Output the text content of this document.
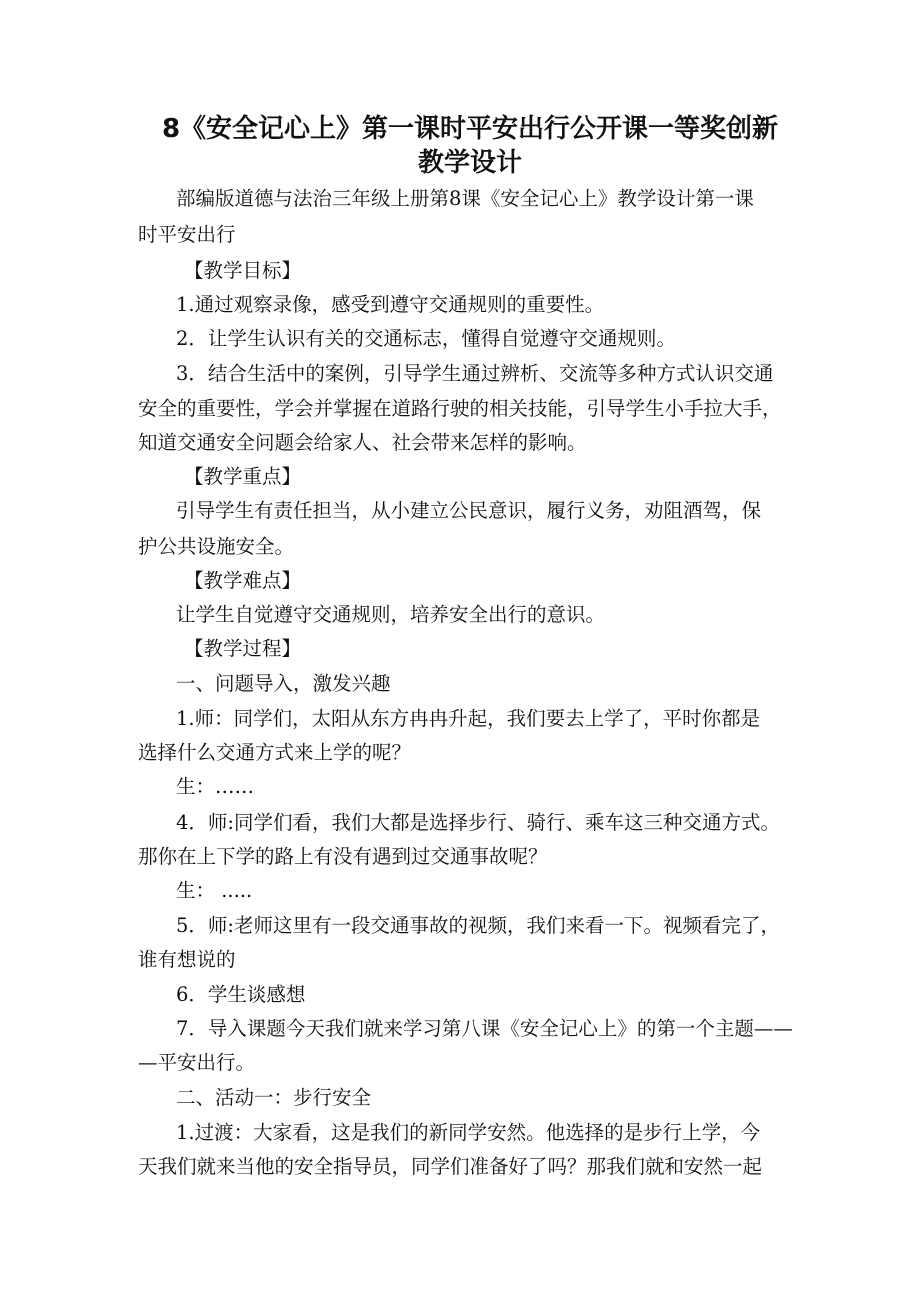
8《安全记心上》第一课时平安出行公开课一等奖创新
教学设计
部编版道德与法治三年级上册第8课《安全记心上》教学设计第一课
时平安出行
【教学目标】
1.通过观察录像，感受到遵守交通规则的重要性。
2．让学生认识有关的交通标志，懂得自觉遵守交通规则。
3．结合生活中的案例，引导学生通过辨析、交流等多种方式认识交通
安全的重要性，学会并掌握在道路行驶的相关技能，引导学生小手拉大手，
知道交通安全问题会给家人、社会带来怎样的影响。
【教学重点】
引导学生有责任担当，从小建立公民意识，履行义务，劝阻酒驾，保
护公共设施安全。
【教学难点】
让学生自觉遵守交通规则，培养安全出行的意识。
【教学过程】
一、问题导入，激发兴趣
1.师：同学们，太阳从东方冉冉升起，我们要去上学了，平时你都是
选择什么交通方式来上学的呢？
生：……
4．师:同学们看，我们大都是选择步行、骑行、乘车这三种交通方式。
那你在上下学的路上有没有遇到过交通事故呢？
生： .....
5．师:老师这里有一段交通事故的视频，我们来看一下。视频看完了，
谁有想说的
6．学生谈感想
7．导入课题今天我们就来学习第八课《安全记心上》的第一个主题——
—平安出行。
二、活动一：步行安全
1.过渡：大家看，这是我们的新同学安然。他选择的是步行上学，今
天我们就来当他的安全指导员，同学们准备好了吗？那我们就和安然一起
